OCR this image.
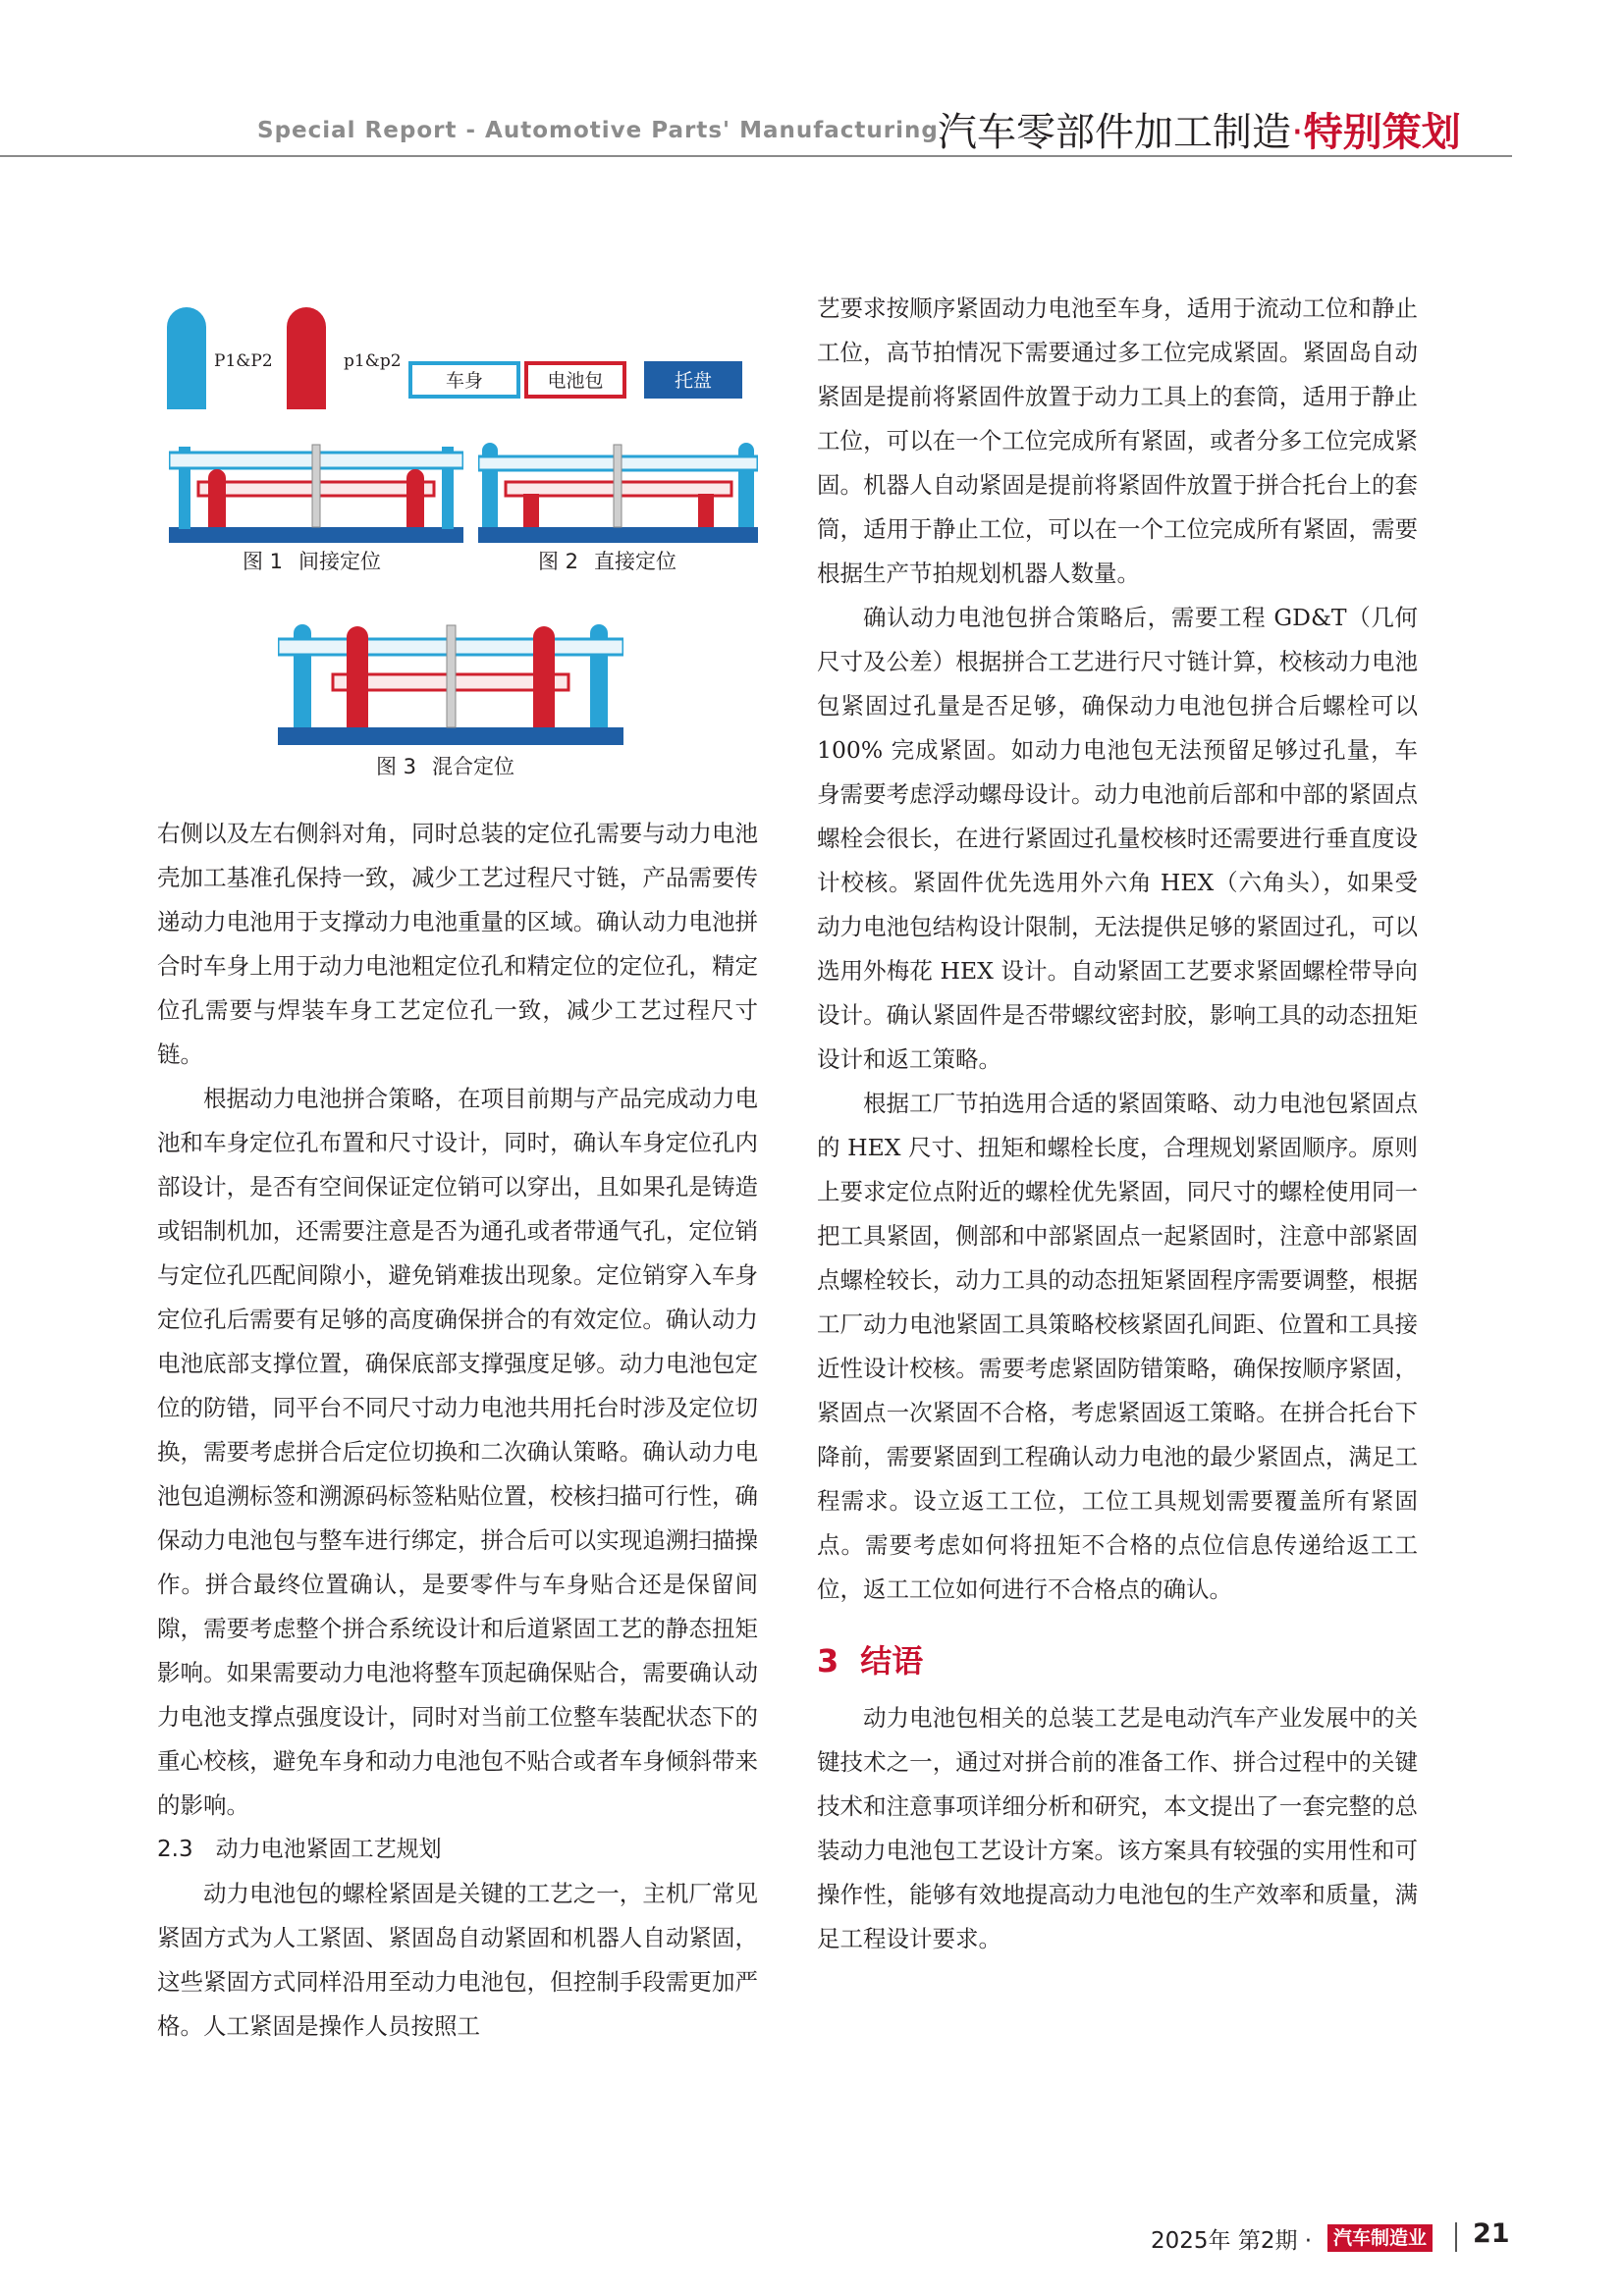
Special Report - Automotive Parts' Manufacturing 汽车零部件加工制造·特别策划
P1&P2	p1&p2
车身	电池包	托盘
图 1 间接定位	图 2 直接定位
图 3 混合定位

右侧以及左右侧斜对角，同时总装的定位孔需要与动力电池壳加工基准孔保持一致，减少工艺过程尺寸链，产品需要传递动力电池用于支撑动力电池重量的区域。确认动力电池拼合时车身上用于动力电池粗定位孔和精定位的定位孔，精定位孔需要与焊装车身工艺定位孔一致，减少工艺过程尺寸链。

根据动力电池拼合策略，在项目前期与产品完成动力电池和车身定位孔布置和尺寸设计，同时，确认车身定位孔内部设计，是否有空间保证定位销可以穿出，且如果孔是铸造或铝制机加，还需要注意是否为通孔或者带通气孔，定位销与定位孔匹配间隙小，避免销难拔出现象。定位销穿入车身定位孔后需要有足够的高度确保拼合的有效定位。确认动力电池底部支撑位置，确保底部支撑强度足够。动力电池包定位的防错，同平台不同尺寸动力电池共用托台时涉及定位切换，需要考虑拼合后定位切换和二次确认策略。确认动力电池包追溯标签和溯源码标签粘贴位置，校核扫描可行性，确保动力电池包与整车进行绑定，拼合后可以实现追溯扫描操作。拼合最终位置确认，是要零件与车身贴合还是保留间隙，需要考虑整个拼合系统设计和后道紧固工艺的静态扭矩影响。如果需要动力电池将整车顶起确保贴合，需要确认动力电池支撑点强度设计，同时对当前工位整车装配状态下的重心校核，避免车身和动力电池包不贴合或者车身倾斜带来的影响。

2.3　动力电池紧固工艺规划

动力电池包的螺栓紧固是关键的工艺之一，主机厂常见紧固方式为人工紧固、紧固岛自动紧固和机器人自动紧固，这些紧固方式同样沿用至动力电池包，但控制手段需更加严格。人工紧固是操作人员按照工

艺要求按顺序紧固动力电池至车身，适用于流动工位和静止工位，高节拍情况下需要通过多工位完成紧固。紧固岛自动紧固是提前将紧固件放置于动力工具上的套筒，适用于静止工位，可以在一个工位完成所有紧固，或者分多工位完成紧固。机器人自动紧固是提前将紧固件放置于拼合托台上的套筒，适用于静止工位，可以在一个工位完成所有紧固，需要根据生产节拍规划机器人数量。

确认动力电池包拼合策略后，需要工程 GD&T（几何尺寸及公差）根据拼合工艺进行尺寸链计算，校核动力电池包紧固过孔量是否足够，确保动力电池包拼合后螺栓可以 100% 完成紧固。如动力电池包无法预留足够过孔量，车身需要考虑浮动螺母设计。动力电池前后部和中部的紧固点螺栓会很长，在进行紧固过孔量校核时还需要进行垂直度设计校核。紧固件优先选用外六角 HEX（六角头），如果受动力电池包结构设计限制，无法提供足够的紧固过孔，可以选用外梅花 HEX 设计。自动紧固工艺要求紧固螺栓带导向设计。确认紧固件是否带螺纹密封胶，影响工具的动态扭矩设计和返工策略。

根据工厂节拍选用合适的紧固策略、动力电池包紧固点的 HEX 尺寸、扭矩和螺栓长度，合理规划紧固顺序。原则上要求定位点附近的螺栓优先紧固，同尺寸的螺栓使用同一把工具紧固，侧部和中部紧固点一起紧固时，注意中部紧固点螺栓较长，动力工具的动态扭矩紧固程序需要调整，根据工厂动力电池紧固工具策略校核紧固孔间距、位置和工具接近性设计校核。需要考虑紧固防错策略，确保按顺序紧固，紧固点一次紧固不合格，考虑紧固返工策略。在拼合托台下降前，需要紧固到工程确认动力电池的最少紧固点，满足工程需求。设立返工工位，工位工具规划需要覆盖所有紧固点。需要考虑如何将扭矩不合格的点位信息传递给返工工位，返工工位如何进行不合格点的确认。

3 结语

动力电池包相关的总装工艺是电动汽车产业发展中的关键技术之一，通过对拼合前的准备工作、拼合过程中的关键技术和注意事项详细分析和研究，本文提出了一套完整的总装动力电池包工艺设计方案。该方案具有较强的实用性和可操作性，能够有效地提高动力电池包的生产效率和质量，满足工程设计要求。

2025年 第2期 ·	汽车制造业 21
